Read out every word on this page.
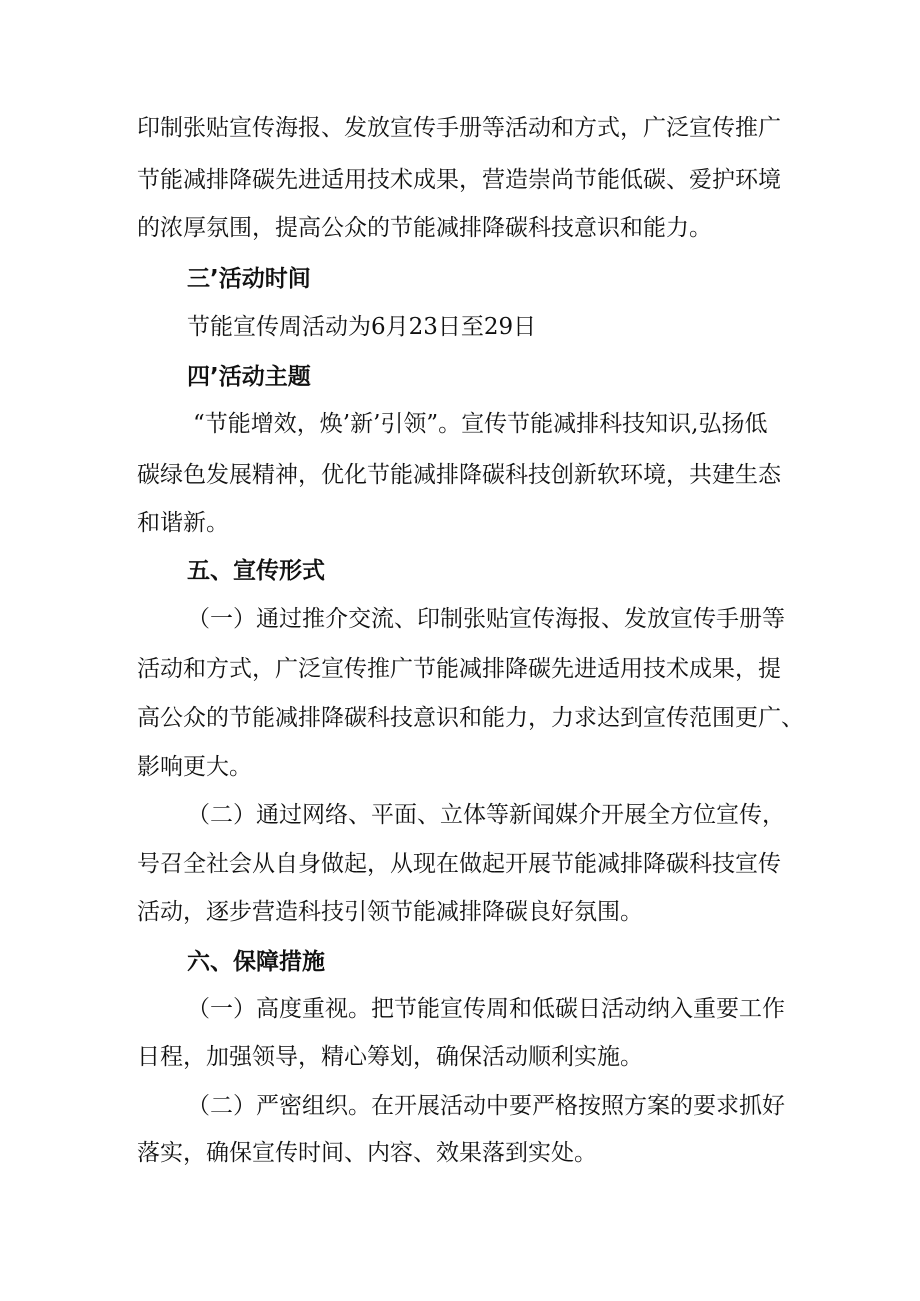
印制张贴宣传海报、发放宣传手册等活动和方式，广泛宣传推广
节能减排降碳先进适用技术成果，营造崇尚节能低碳、爱护环境
的浓厚氛围，提高公众的节能减排降碳科技意识和能力。
三’活动时间
节能宣传周活动为6月23日至29日
四’活动主题
“节能增效，焕’新’引领”。宣传节能减排科技知识,弘扬低
碳绿色发展精神，优化节能减排降碳科技创新软环境，共建生态
和谐新。
五、宣传形式
（一）通过推介交流、印制张贴宣传海报、发放宣传手册等
活动和方式，广泛宣传推广节能减排降碳先进适用技术成果，提
高公众的节能减排降碳科技意识和能力，力求达到宣传范围更广、
影响更大。
（二）通过网络、平面、立体等新闻媒介开展全方位宣传，
号召全社会从自身做起，从现在做起开展节能减排降碳科技宣传
活动，逐步营造科技引领节能减排降碳良好氛围。
六、保障措施
（一）高度重视。把节能宣传周和低碳日活动纳入重要工作
日程，加强领导，精心筹划，确保活动顺利实施。
（二）严密组织。在开展活动中要严格按照方案的要求抓好
落实，确保宣传时间、内容、效果落到实处。
